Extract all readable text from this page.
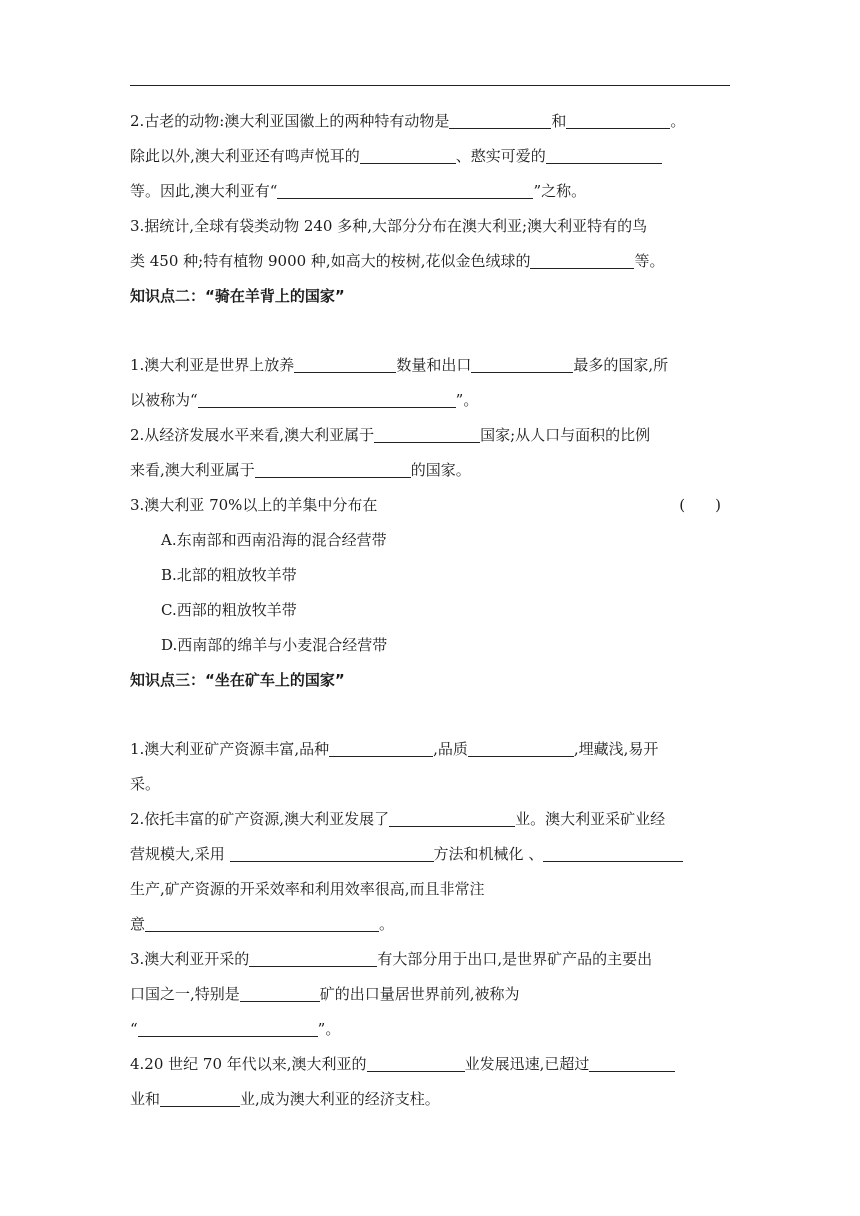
2.古老的动物:澳大利亚国徽上的两种特有动物是	和	。
除此以外,澳大利亚还有鸣声悦耳的	、憨实可爱的
等。因此,澳大利亚有“	”之称。
3.据统计,全球有袋类动物 240 多种,大部分分布在澳大利亚;澳大利亚特有的鸟
类 450 种;特有植物 9000 种,如高大的桉树,花似金色绒球的	等。
知识点二：“骑在羊背上的国家”
1.澳大利亚是世界上放养	数量和出口	最多的国家,所
以被称为“	”。
2.从经济发展水平来看,澳大利亚属于	国家;从人口与面积的比例
来看,澳大利亚属于	的国家。
3.澳大利亚 70%以上的羊集中分布在	(　　)
A.东南部和西南沿海的混合经营带
B.北部的粗放牧羊带
C.西部的粗放牧羊带
D.西南部的绵羊与小麦混合经营带
知识点三：“坐在矿车上的国家”
1.澳大利亚矿产资源丰富,品种	,品质	,埋藏浅,易开
采。
2.依托丰富的矿产资源,澳大利亚发展了	业。澳大利亚采矿业经
营规模大,采用	方法和机械化 、
生产,矿产资源的开采效率和利用效率很高,而且非常注
意	。
3.澳大利亚开采的	有大部分用于出口,是世界矿产品的主要出
口国之一,特别是	矿的出口量居世界前列,被称为
“	”。
4.20 世纪 70 年代以来,澳大利亚的	业发展迅速,已超过
业和	业,成为澳大利亚的经济支柱。
